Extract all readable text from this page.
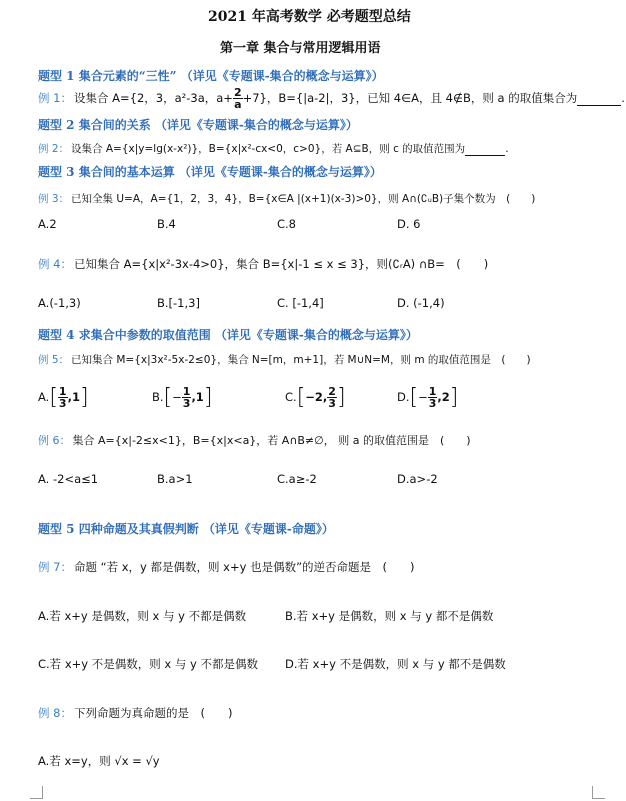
2021 年高考数学 必考题型总结
第一章 集合与常用逻辑用语
题型 1 集合元素的“三性” （详见《专题课-集合的概念与运算》）
例 1： 设集合 A={2，3，a²-3a，$a+ \frac{2}{a} +7$}，B={|a-2|，3}，已知 4∈A，且 4∉B，则 a 的取值集合为	.
题型 2 集合间的关系 （详见《专题课-集合的概念与运算》）
例 2： 设集合 A={x|y=lg(x-x²)}，B={x|x²-cx<0，c>0}，若 A⊆B，则 c 的取值范围为	.
题型 3 集合间的基本运算 （详见《专题课-集合的概念与运算》）
例 3： 已知全集 U=A，A={1，2，3，4}，B={x∈A |(x+1)(x-3)>0}，则 A∩(∁ᵤB)子集个数为　(　　)
A.2	B.4	C.8	D. 6
例 4： 已知集合 A={x|x²-3x-4>0}，集合 B={x|-1 ≤ x ≤ 3}，则(∁ᵣA) ∩B=　(　　)
A.(-1,3)	B.[-1,3]	C. [-1,4]	D. (-1,4)
题型 4 求集合中参数的取值范围 （详见《专题课-集合的概念与运算》）
例 5： 已知集合 M={x|3x²-5x-2≤0}，集合 N=[m，m+1]，若 M∪N=M，则 m 的取值范围是　(　　)
$A.[ \frac{1}{3} ,1]$	$B.[- \frac{1}{3} ,1]$	C.[−2, $\frac{2}{3}$ ]	$D.[- \frac{1}{3} ,2]$
例 6： 集合 A={x|-2≤x<1}，B={x|x<a}，若 A∩B≠∅， 则 a 的取值范围是　(　　)
A. -2<a≤1	B.a>1	C.a≥-2	D.a>-2
题型 5 四种命题及其真假判断 （详见《专题课-命题》）
例 7： 命题 “若 x，y 都是偶数，则 x+y 也是偶数”的逆否命题是　(　　)
A.若 x+y 是偶数，则 x 与 y 不都是偶数	B.若 x+y 是偶数，则 x 与 y 都不是偶数
C.若 x+y 不是偶数，则 x 与 y 不都是偶数 D.若 x+y 不是偶数，则 x 与 y 都不是偶数
例 8： 下列命题为真命题的是　(　　)
A.若 x=y，则 √x = √y
